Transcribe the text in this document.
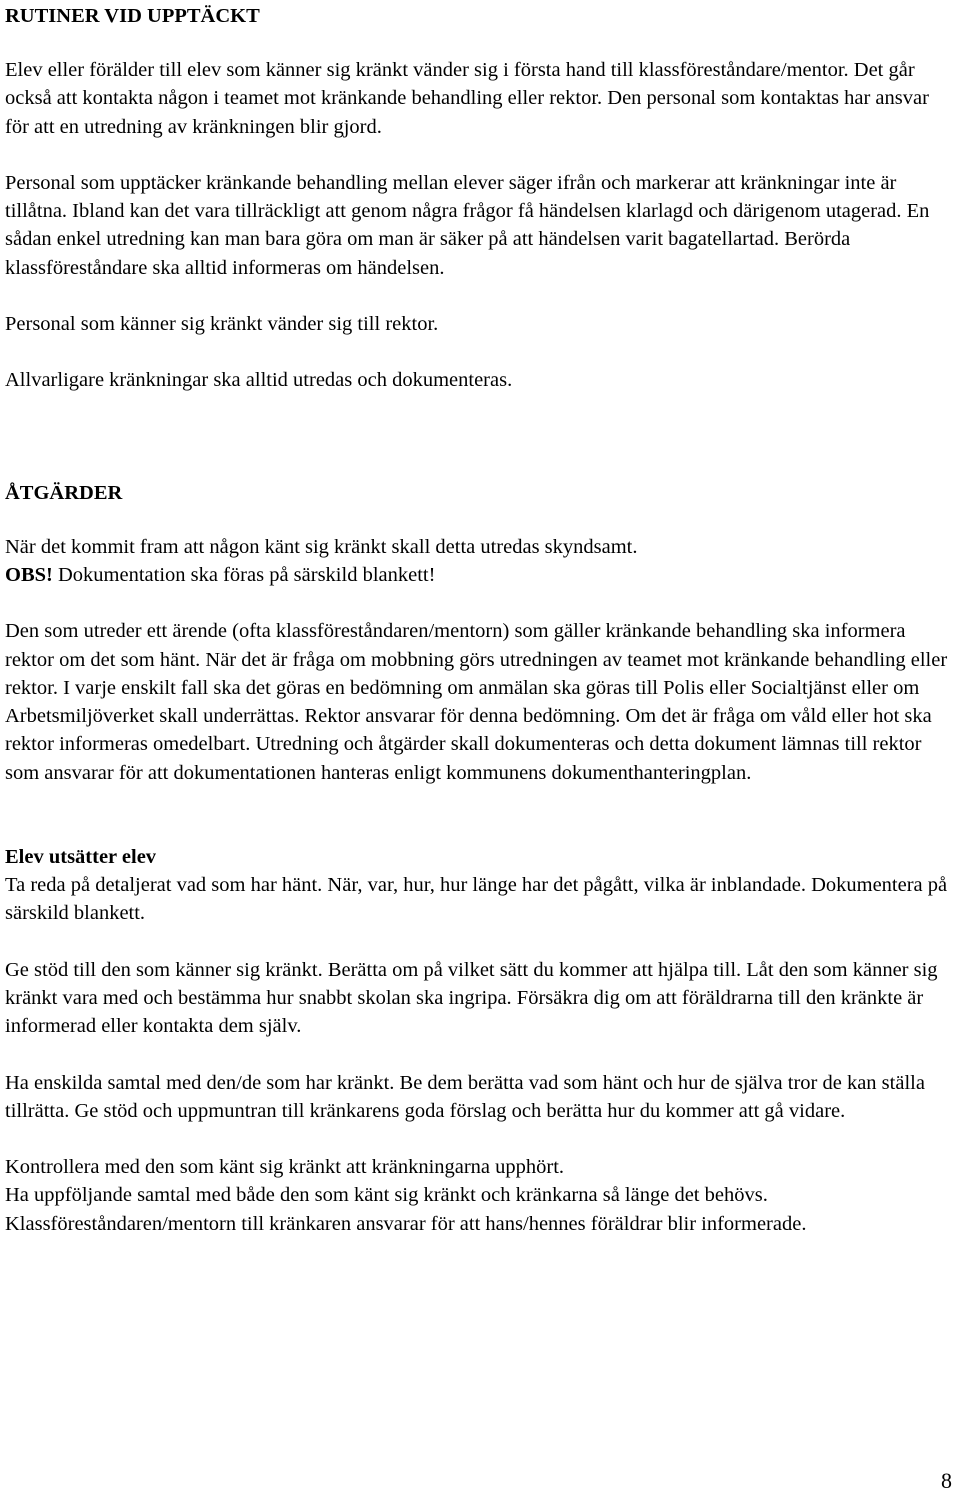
RUTINER VID UPPTÄCKT

Elev eller förälder till elev som känner sig kränkt vänder sig i första hand till klassföreståndare/mentor. Det går också att kontakta någon i teamet mot kränkande behandling eller rektor. Den personal som kontaktas har ansvar för att en utredning av kränkningen blir gjord.

Personal som upptäcker kränkande behandling mellan elever säger ifrån och markerar att kränkningar inte är tillåtna. Ibland kan det vara tillräckligt att genom några frågor få händelsen klarlagd och därigenom utagerad. En sådan enkel utredning kan man bara göra om man är säker på att händelsen varit bagatellartad. Berörda klassföreståndare ska alltid informeras om händelsen.

Personal som känner sig kränkt vänder sig till rektor.

Allvarligare kränkningar ska alltid utredas och dokumenteras.

ÅTGÄRDER

När det kommit fram att någon känt sig kränkt skall detta utredas skyndsamt.

OBS! Dokumentation ska föras på särskild blankett!

Den som utreder ett ärende (ofta klassföreståndaren/mentorn) som gäller kränkande behandling ska informera rektor om det som hänt. När det är fråga om mobbning görs utredningen av teamet mot kränkande behandling eller rektor. I varje enskilt fall ska det göras en bedömning om anmälan ska göras till Polis eller Socialtjänst eller om Arbetsmiljöverket skall underrättas. Rektor ansvarar för denna bedömning. Om det är fråga om våld eller hot ska rektor informeras omedelbart. Utredning och åtgärder skall dokumenteras och detta dokument lämnas till rektor som ansvarar för att dokumentationen hanteras enligt kommunens dokumenthanteringplan.

Elev utsätter elev

Ta reda på detaljerat vad som har hänt. När, var, hur, hur länge har det pågått, vilka är inblandade. Dokumentera på särskild blankett.

Ge stöd till den som känner sig kränkt. Berätta om på vilket sätt du kommer att hjälpa till. Låt den som känner sig kränkt vara med och bestämma hur snabbt skolan ska ingripa. Försäkra dig om att föräldrarna till den kränkte är informerad eller kontakta dem själv.

Ha enskilda samtal med den/de som har kränkt. Be dem berätta vad som hänt och hur de själva tror de kan ställa tillrätta. Ge stöd och uppmuntran till kränkarens goda förslag och berätta hur du kommer att gå vidare.

Kontrollera med den som känt sig kränkt att kränkningarna upphört.

Ha uppföljande samtal med både den som känt sig kränkt och kränkarna så länge det behövs.

Klassföreståndaren/mentorn till kränkaren ansvarar för att hans/hennes föräldrar blir informerade.

8
